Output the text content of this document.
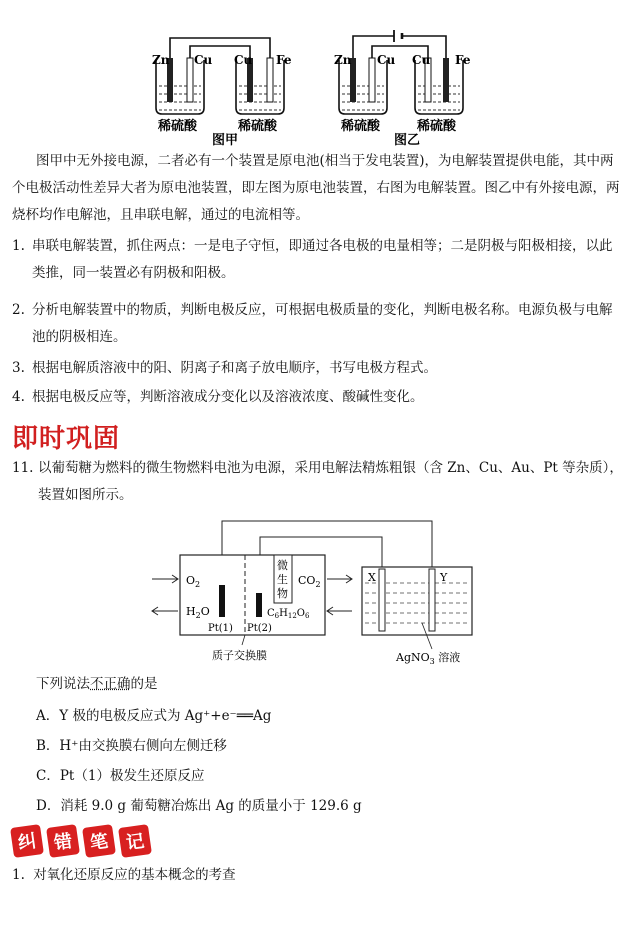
Zn Cu Cu Fe
稀硫酸	稀硫酸
图甲
Zn Cu Cu Fe
稀硫酸	稀硫酸
图乙
图甲中无外接电源，二者必有一个装置是原电池(相当于发电装置)，为电解装置提供电能，其中两个电极活动性差异大者为原电池装置，即左图为原电池装置，右图为电解装置。图乙中有外接电源，两烧杯均作电解池，且串联电解，通过的电流相等。
1. 串联电解装置，抓住两点：一是电子守恒，即通过各电极的电量相等；二是阴极与阳极相接，以此类推，同一装置必有阴极和阳极。
2. 分析电解装置中的物质，判断电极反应，可根据电极质量的变化，判断电极名称。电源负极与电解池的阴极相连。
3. 根据电解质溶液中的阳、阴离子和离子放电顺序，书写电极方程式。
4. 根据电极反应等，判断溶液成分变化以及溶液浓度、酸碱性变化。
即时巩固
11. 以葡萄糖为燃料的微生物燃料电池为电源，采用电解法精炼粗银（含 Zn、Cu、Au、Pt 等杂质），装置如图所示。
$O_2$
$H_2O$
$CO_2$
微
生
物
$C_6H_{12}O_6$
Pt(1) Pt(2)
质子交换膜
X	Y
AgNO$_3$ 溶液
下列说法不正确的是
A．Y 极的电极反应式为 Ag⁺+e⁻══Ag
B．H⁺由交换膜右侧向左侧迁移
C．Pt（1）极发生还原反应
D．消耗 9.0 g 葡萄糖冶炼出 Ag 的质量小于 129.6 g
纠 错 笔 记
1. 对氧化还原反应的基本概念的考查
